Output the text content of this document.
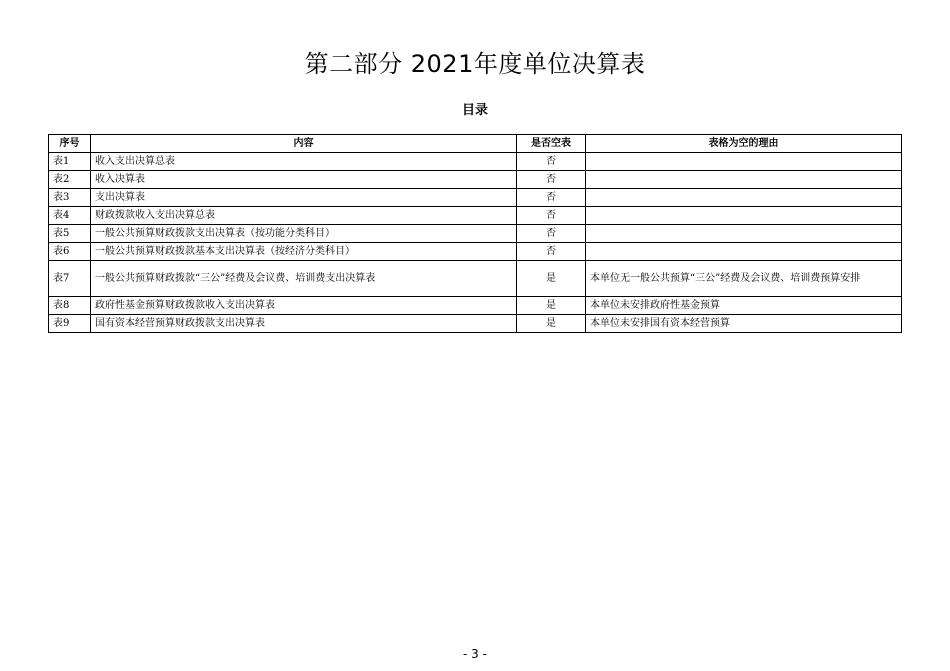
第二部分 2021年度单位决算表
目录
序号	内容	是否空表	表格为空的理由
表1	收入支出决算总表	否	
表2	收入决算表	否	
表3	支出决算表	否	
表4	财政拨款收入支出决算总表	否	
表5	一般公共预算财政拨款支出决算表（按功能分类科目）	否	
表6	一般公共预算财政拨款基本支出决算表（按经济分类科目）	否	
表7	一般公共预算财政拨款“三公”经费及会议费、培训费支出决算表	是	本单位无一般公共预算“三公”经费及会议费、培训费预算安排
表8	政府性基金预算财政拨款收入支出决算表	是	本单位未安排政府性基金预算
表9	国有资本经营预算财政拨款支出决算表	是	本单位未安排国有资本经营预算
- 3 -
